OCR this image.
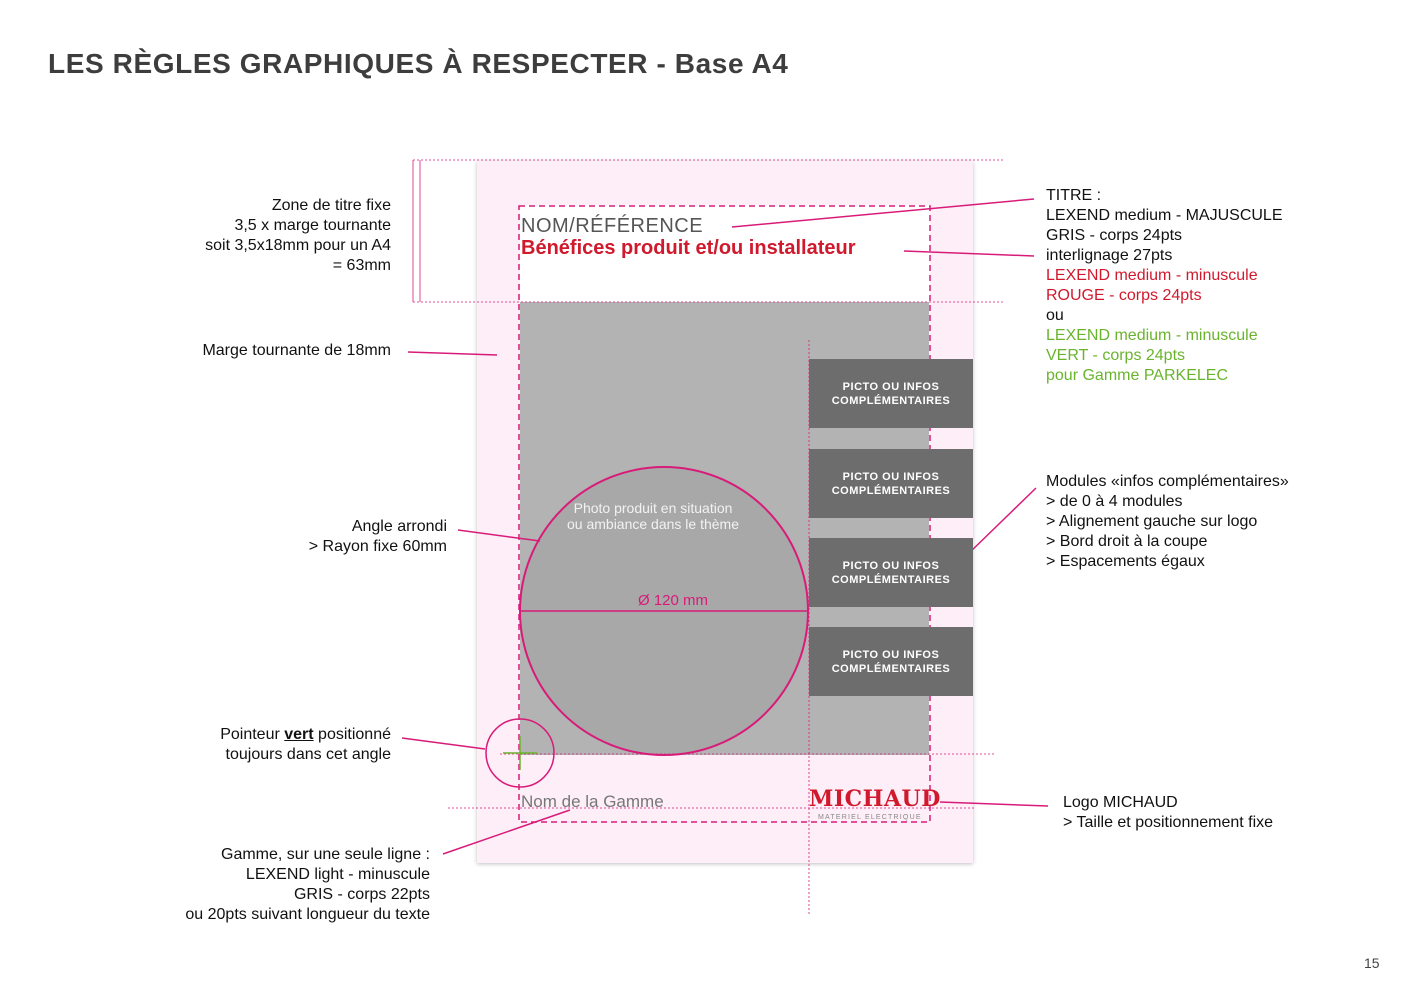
LES RÈGLES GRAPHIQUES À RESPECTER - Base A4
NOM/RÉFÉRENCE
Bénéfices produit et/ou installateur
Photo produit en situation
ou ambiance dans le thème
Ø 120 mm
PICTO OU INFOS
COMPLÉMENTAIRES
PICTO OU INFOS
COMPLÉMENTAIRES
PICTO OU INFOS
COMPLÉMENTAIRES
PICTO OU INFOS
COMPLÉMENTAIRES
Nom de la Gamme	MICHAUD
MATERIEL ELECTRIQUE
Zone de titre fixe
3,5 x marge tournante
soit 3,5x18mm pour un A4
= 63mm
Marge tournante de 18mm
Angle arrondi
> Rayon fixe 60mm
Pointeur vert positionné
toujours dans cet angle
Gamme, sur une seule ligne :
LEXEND light - minuscule
GRIS - corps 22pts
ou 20pts suivant longueur du texte
TITRE :
LEXEND medium - MAJUSCULE
GRIS - corps 24pts
interlignage 27pts
LEXEND medium - minuscule
ROUGE - corps 24pts
ou
LEXEND medium - minuscule
VERT - corps 24pts
pour Gamme PARKELEC
Modules «infos complémentaires»
> de 0 à 4 modules
> Alignement gauche sur logo
> Bord droit à la coupe
> Espacements égaux
Logo MICHAUD
> Taille et positionnement fixe
15
